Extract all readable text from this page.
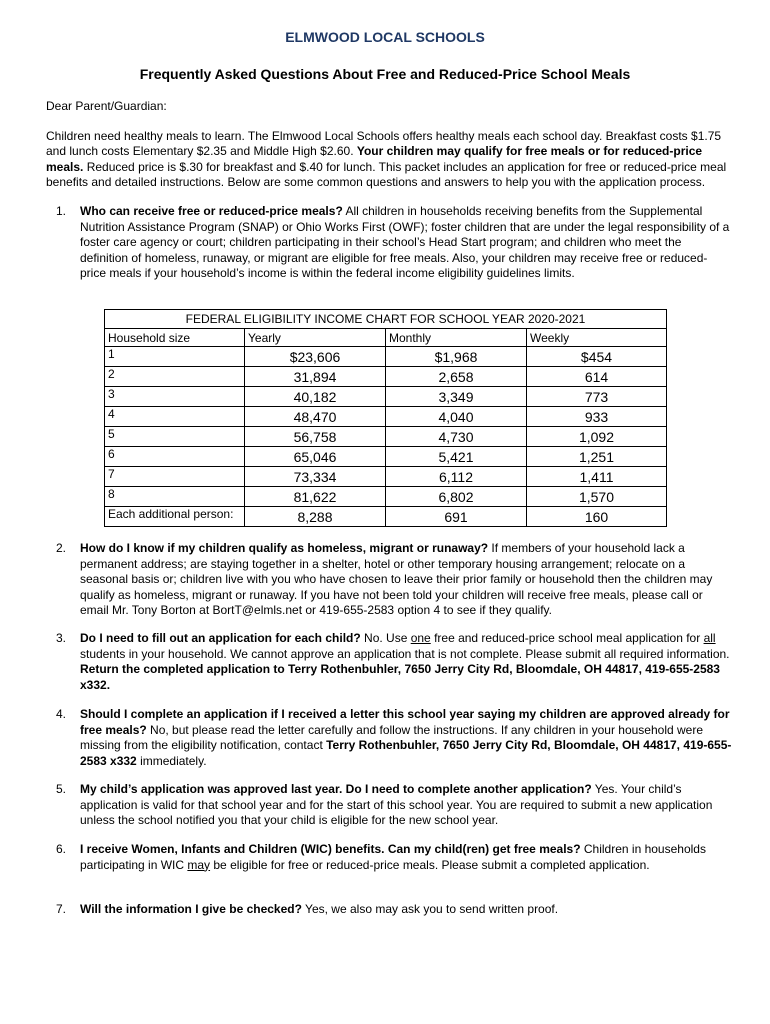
ELMWOOD LOCAL SCHOOLS
Frequently Asked Questions About Free and Reduced-Price School Meals
Dear Parent/Guardian:
Children need healthy meals to learn. The Elmwood Local Schools offers healthy meals each school day. Breakfast costs $1.75 and lunch costs Elementary $2.35 and Middle High $2.60. Your children may qualify for free meals or for reduced-price meals. Reduced price is $.30 for breakfast and $.40 for lunch. This packet includes an application for free or reduced-price meal benefits and detailed instructions. Below are some common questions and answers to help you with the application process.
1. Who can receive free or reduced-price meals? All children in households receiving benefits from the Supplemental Nutrition Assistance Program (SNAP) or Ohio Works First (OWF); foster children that are under the legal responsibility of a foster care agency or court; children participating in their school’s Head Start program; and children who meet the definition of homeless, runaway, or migrant are eligible for free meals. Also, your children may receive free or reduced-price meals if your household’s income is within the federal income eligibility guidelines limits.
FEDERAL ELIGIBILITY INCOME CHART FOR SCHOOL YEAR 2020-2021			
Household size	Yearly	Monthly	Weekly
1	$23,606	$1,968	$454
2	31,894	2,658	614
3	40,182	3,349	773
4	48,470	4,040	933
5	56,758	4,730	1,092
6	65,046	5,421	1,251
7	73,334	6,112	1,411
8	81,622	6,802	1,570
Each additional person:	8,288	691	160
2. How do I know if my children qualify as homeless, migrant or runaway? If members of your household lack a permanent address; are staying together in a shelter, hotel or other temporary housing arrangement; relocate on a seasonal basis or; children live with you who have chosen to leave their prior family or household then the children may qualify as homeless, migrant or runaway. If you have not been told your children will receive free meals, please call or email Mr. Tony Borton at BortT@elmls.net or 419-655-2583 option 4 to see if they qualify.
3. Do I need to fill out an application for each child? No. Use one free and reduced-price school meal application for all students in your household. We cannot approve an application that is not complete. Please submit all required information. Return the completed application to Terry Rothenbuhler, 7650 Jerry City Rd, Bloomdale, OH 44817, 419-655-2583 x332.
4. Should I complete an application if I received a letter this school year saying my children are approved already for free meals? No, but please read the letter carefully and follow the instructions. If any children in your household were missing from the eligibility notification, contact Terry Rothenbuhler, 7650 Jerry City Rd, Bloomdale, OH 44817, 419-655-2583 x332 immediately.
5. My child’s application was approved last year. Do I need to complete another application? Yes. Your child’s application is valid for that school year and for the start of this school year. You are required to submit a new application unless the school notified you that your child is eligible for the new school year.
6. I receive Women, Infants and Children (WIC) benefits. Can my child(ren) get free meals? Children in households participating in WIC may be eligible for free or reduced-price meals. Please submit a completed application.
7. Will the information I give be checked? Yes, we also may ask you to send written proof.
